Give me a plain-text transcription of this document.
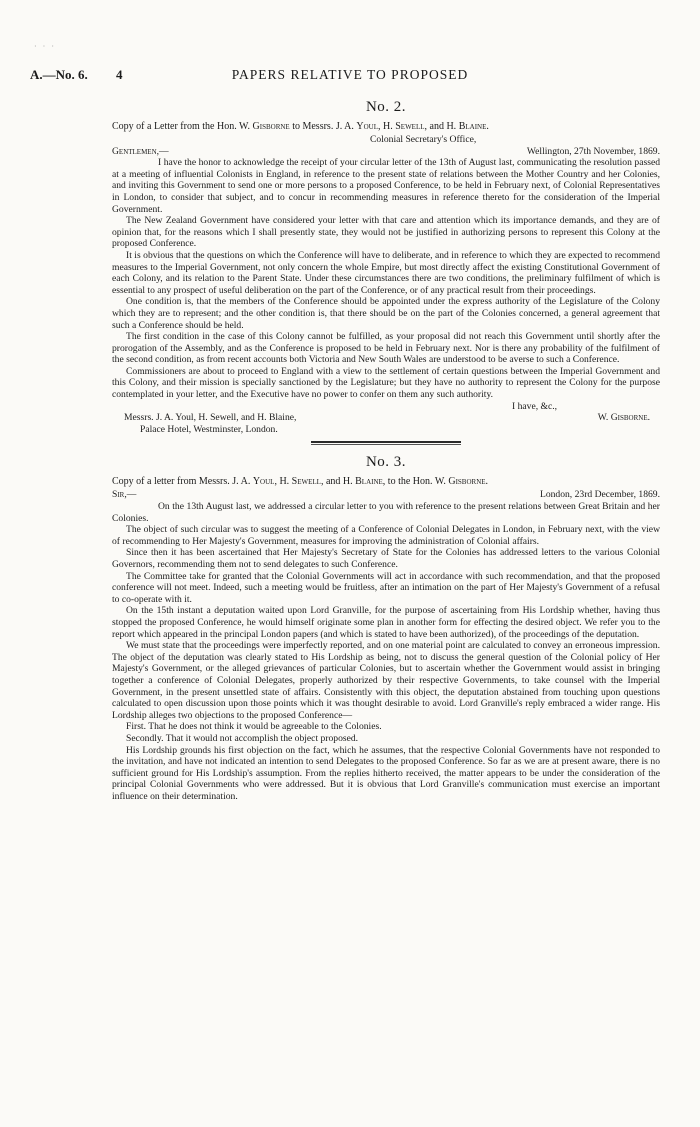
· · ·
A.—No. 6. 4	PAPERS RELATIVE TO PROPOSED
No. 2.
Copy of a Letter from the Hon. W. Gisborne to Messrs. J. A. Youl, H. Sewell, and H. Blaine.
Colonial Secretary's Office,
Gentlemen,—	Wellington, 27th November, 1869.

I have the honor to acknowledge the receipt of your circular letter of the 13th of August last, communicating the resolution passed at a meeting of influential Colonists in England, in reference to the present state of relations between the Mother Country and her Colonies, and inviting this Government to send one or more persons to a proposed Conference, to be held in February next, of Colonial Representatives in London, to consider that subject, and to concur in recommending measures in reference thereto for the consideration of the Imperial Government.

The New Zealand Government have considered your letter with that care and attention which its importance demands, and they are of opinion that, for the reasons which I shall presently state, they would not be justified in authorizing persons to represent this Colony at the proposed Conference.

It is obvious that the questions on which the Conference will have to deliberate, and in reference to which they are expected to recommend measures to the Imperial Government, not only concern the whole Empire, but most directly affect the existing Constitutional Government of each Colony, and its relation to the Parent State. Under these circumstances there are two conditions, the preliminary fulfilment of which is essential to any prospect of useful deliberation on the part of the Conference, or of any practical result from their proceedings.

One condition is, that the members of the Conference should be appointed under the express authority of the Legislature of the Colony which they are to represent; and the other condition is, that there should be on the part of the Colonies concerned, a general agreement that such a Conference should be held.

The first condition in the case of this Colony cannot be fulfilled, as your proposal did not reach this Government until shortly after the prorogation of the Assembly, and as the Conference is proposed to be held in February next. Nor is there any probability of the fulfilment of the second condition, as from recent accounts both Victoria and New South Wales are understood to be averse to such a Conference.

Commissioners are about to proceed to England with a view to the settlement of certain questions between the Imperial Government and this Colony, and their mission is specially sanctioned by the Legislature; but they have no authority to represent the Colony for the purpose contemplated in your letter, and the Executive have no power to confer on them any such authority.

I have, &c.,
Messrs. J. A. Youl, H. Sewell, and H. Blaine,	W. Gisborne.
Palace Hotel, Westminster, London.
No. 3.
Copy of a letter from Messrs. J. A. Youl, H. Sewell, and H. Blaine, to the Hon. W. Gisborne.
Sir,—	London, 23rd December, 1869.

On the 13th August last, we addressed a circular letter to you with reference to the present relations between Great Britain and her Colonies.

The object of such circular was to suggest the meeting of a Conference of Colonial Delegates in London, in February next, with the view of recommending to Her Majesty's Government, measures for improving the administration of Colonial affairs.

Since then it has been ascertained that Her Majesty's Secretary of State for the Colonies has addressed letters to the various Colonial Governors, recommending them not to send delegates to such Conference.

The Committee take for granted that the Colonial Governments will act in accordance with such recommendation, and that the proposed conference will not meet. Indeed, such a meeting would be fruitless, after an intimation on the part of Her Majesty's Government of a refusal to co-operate with it.

On the 15th instant a deputation waited upon Lord Granville, for the purpose of ascertaining from His Lordship whether, having thus stopped the proposed Conference, he would himself originate some plan in another form for effecting the desired object. We refer you to the report which appeared in the principal London papers (and which is stated to have been authorized), of the proceedings of the deputation.

We must state that the proceedings were imperfectly reported, and on one material point are calculated to convey an erroneous impression. The object of the deputation was clearly stated to His Lordship as being, not to discuss the general question of the Colonial policy of Her Majesty's Government, or the alleged grievances of particular Colonies, but to ascertain whether the Government would assist in bringing together a conference of Colonial Delegates, properly authorized by their respective Governments, to take counsel with the Imperial Government, in the present unsettled state of affairs. Consistently with this object, the deputation abstained from touching upon questions calculated to open discussion upon those points which it was thought desirable to avoid. Lord Granville's reply embraced a wider range. His Lordship alleges two objections to the proposed Conference—

First. That he does not think it would be agreeable to the Colonies.

Secondly. That it would not accomplish the object proposed.

His Lordship grounds his first objection on the fact, which he assumes, that the respective Colonial Governments have not responded to the invitation, and have not indicated an intention to send Delegates to the proposed Conference. So far as we are at present aware, there is no sufficient ground for His Lordship's assumption. From the replies hitherto received, the matter appears to be under the consideration of the principal Colonial Governments who were addressed. But it is obvious that Lord Granville's communication must exercise an important influence on their determination.
